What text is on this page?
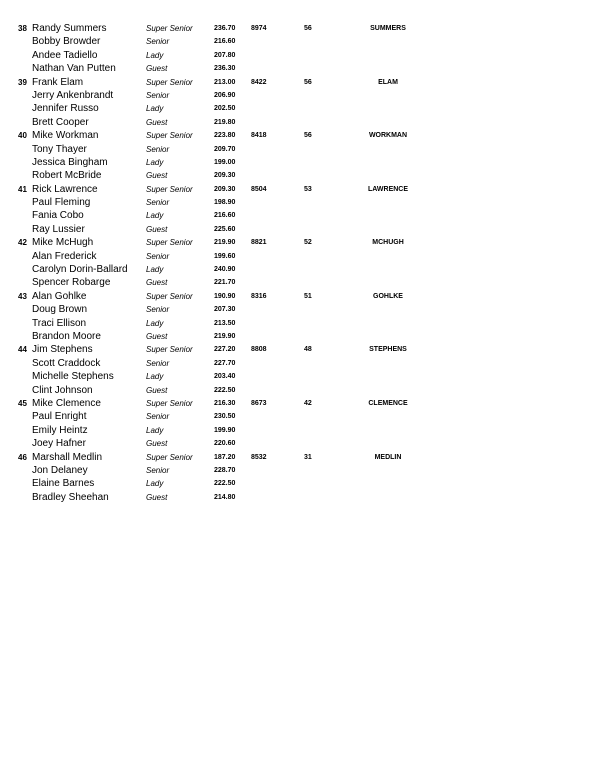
38 Randy Summers	Super Senior	236.70 8974	56	SUMMERS
Bobby Browder	Senior	216.60
Andee Tadiello	Lady	207.80
Nathan Van Putten	Guest	236.30
39 Frank Elam	Super Senior	213.00 8422	56	ELAM
Jerry Ankenbrandt	Senior	206.90
Jennifer Russo	Lady	202.50
Brett Cooper	Guest	219.80
40 Mike Workman	Super Senior	223.80 8418	56	WORKMAN
Tony Thayer	Senior	209.70
Jessica Bingham	Lady	199.00
Robert McBride	Guest	209.30
41 Rick Lawrence	Super Senior	209.30 8504	53	LAWRENCE
Paul Fleming	Senior	198.90
Fania Cobo	Lady	216.60
Ray Lussier	Guest	225.60
42 Mike McHugh	Super Senior	219.90 8821	52	MCHUGH
Alan Frederick	Senior	199.60
Carolyn Dorin-Ballard Lady	240.90
Spencer Robarge	Guest	221.70
43 Alan Gohlke	Super Senior	190.90 8316	51	GOHLKE
Doug Brown	Senior	207.30
Traci Ellison	Lady	213.50
Brandon Moore	Guest	219.90
44 Jim Stephens	Super Senior	227.20 8808	48	STEPHENS
Scott Craddock	Senior	227.70
Michelle Stephens	Lady	203.40
Clint Johnson	Guest	222.50
45 Mike Clemence	Super Senior	216.30 8673	42	CLEMENCE
Paul Enright	Senior	230.50
Emily Heintz	Lady	199.90
Joey Hafner	Guest	220.60
46 Marshall Medlin	Super Senior	187.20 8532	31	MEDLIN
Jon Delaney	Senior	228.70
Elaine Barnes	Lady	222.50
Bradley Sheehan	Guest	214.80
